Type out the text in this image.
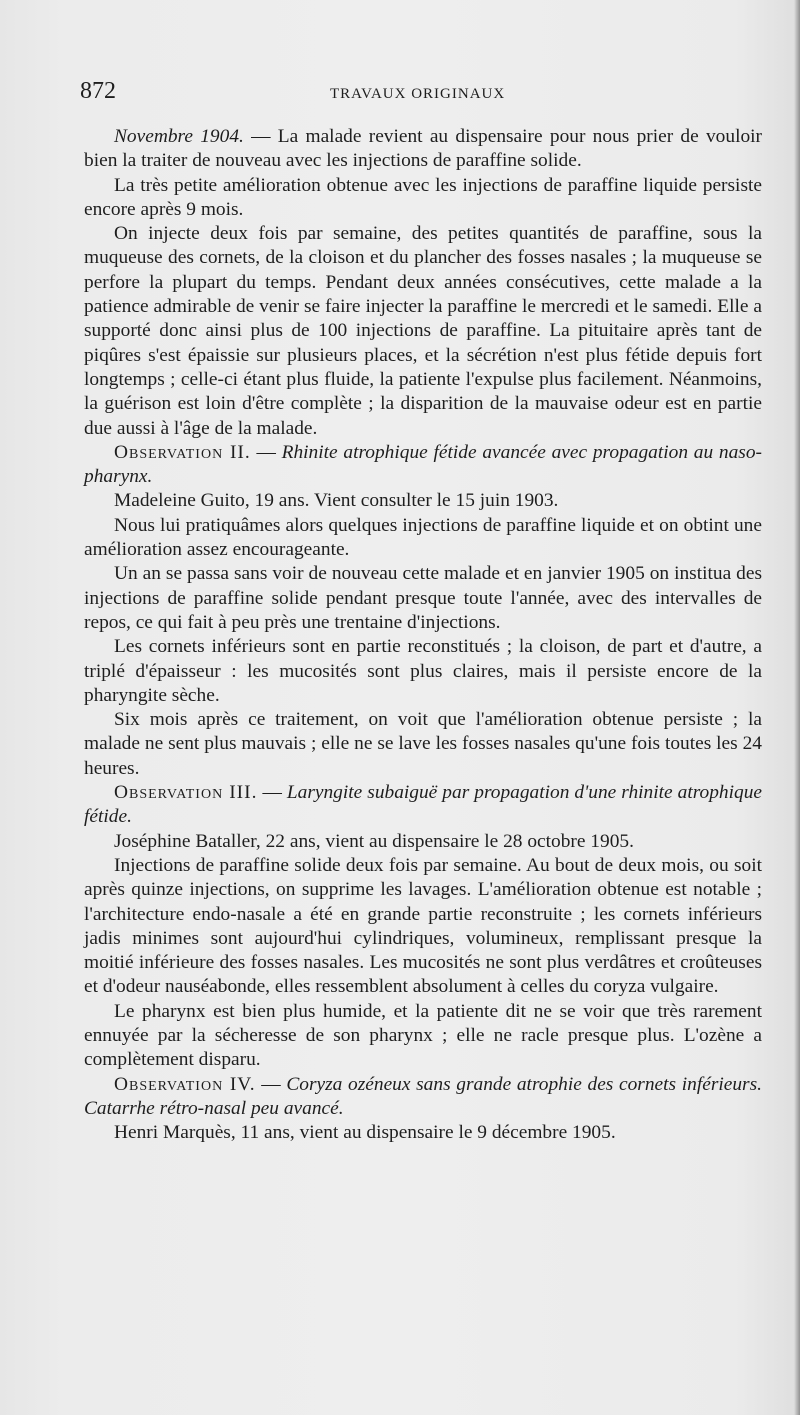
872	TRAVAUX ORIGINAUX

Novembre 1904. — La malade revient au dispensaire pour nous prier de vouloir bien la traiter de nouveau avec les injections de paraffine solide.

La très petite amélioration obtenue avec les injections de paraffine liquide persiste encore après 9 mois.

On injecte deux fois par semaine, des petites quantités de paraffine, sous la muqueuse des cornets, de la cloison et du plancher des fosses nasales ; la muqueuse se perfore la plupart du temps. Pendant deux années consécutives, cette malade a la patience admirable de venir se faire injecter la paraffine le mercredi et le samedi. Elle a supporté donc ainsi plus de 100 injections de paraffine. La pituitaire après tant de piqûres s'est épaissie sur plusieurs places, et la sécrétion n'est plus fétide depuis fort longtemps ; celle-ci étant plus fluide, la patiente l'expulse plus facilement. Néanmoins, la guérison est loin d'être complète ; la disparition de la mauvaise odeur est en partie due aussi à l'âge de la malade.

Observation II. — Rhinite atrophique fétide avancée avec propagation au naso-pharynx.

Madeleine Guito, 19 ans. Vient consulter le 15 juin 1903.

Nous lui pratiquâmes alors quelques injections de paraffine liquide et on obtint une amélioration assez encourageante.

Un an se passa sans voir de nouveau cette malade et en janvier 1905 on institua des injections de paraffine solide pendant presque toute l'année, avec des intervalles de repos, ce qui fait à peu près une trentaine d'injections.

Les cornets inférieurs sont en partie reconstitués ; la cloison, de part et d'autre, a triplé d'épaisseur : les mucosités sont plus claires, mais il persiste encore de la pharyngite sèche.

Six mois après ce traitement, on voit que l'amélioration obtenue persiste ; la malade ne sent plus mauvais ; elle ne se lave les fosses nasales qu'une fois toutes les 24 heures.

Observation III. — Laryngite subaiguë par propagation d'une rhinite atrophique fétide.

Joséphine Bataller, 22 ans, vient au dispensaire le 28 octobre 1905.

Injections de paraffine solide deux fois par semaine. Au bout de deux mois, ou soit après quinze injections, on supprime les lavages. L'amélioration obtenue est notable ; l'architecture endo-nasale a été en grande partie reconstruite ; les cornets inférieurs jadis minimes sont aujourd'hui cylindriques, volumineux, remplissant presque la moitié inférieure des fosses nasales. Les mucosités ne sont plus verdâtres et croûteuses et d'odeur nauséabonde, elles ressemblent absolument à celles du coryza vulgaire.

Le pharynx est bien plus humide, et la patiente dit ne se voir que très rarement ennuyée par la sécheresse de son pharynx ; elle ne racle presque plus. L'ozène a complètement disparu.

Observation IV. — Coryza ozéneux sans grande atrophie des cornets inférieurs. Catarrhe rétro-nasal peu avancé.

Henri Marquès, 11 ans, vient au dispensaire le 9 décembre 1905.
